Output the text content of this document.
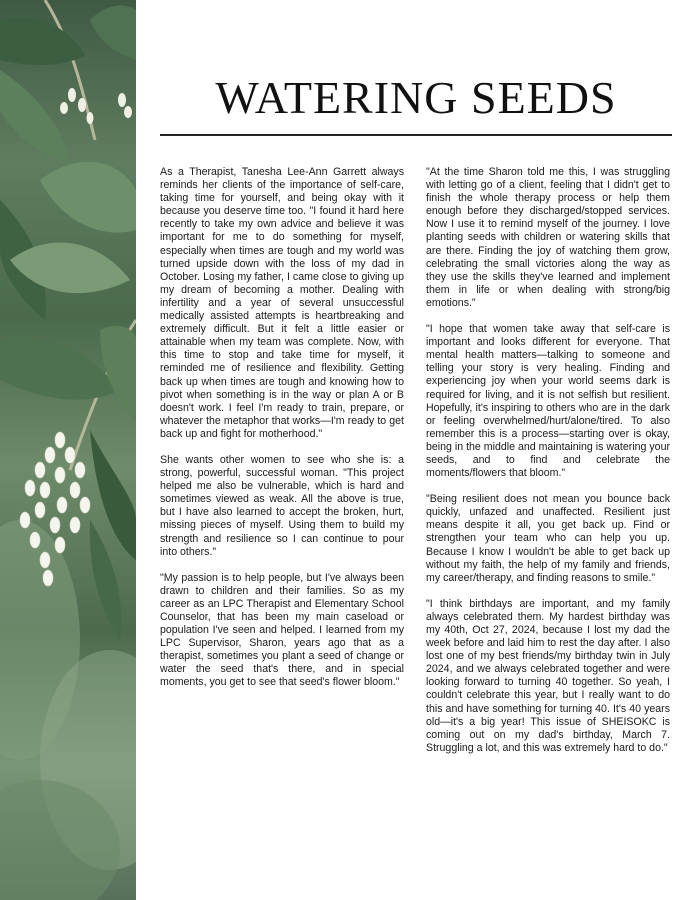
WATERING SEEDS

As a Therapist, Tanesha Lee-Ann Garrett always reminds her clients of the importance of self-care, taking time for yourself, and being okay with it because you deserve time too. "I found it hard here recently to take my own advice and believe it was important for me to do something for myself, especially when times are tough and my world was turned upside down with the loss of my dad in October. Losing my father, I came close to giving up my dream of becoming a mother. Dealing with infertility and a year of several unsuccessful medically assisted attempts is heartbreaking and extremely difficult. But it felt a little easier or attainable when my team was complete. Now, with this time to stop and take time for myself, it reminded me of resilience and flexibility. Getting back up when times are tough and knowing how to pivot when something is in the way or plan A or B doesn't work. I feel I'm ready to train, prepare, or whatever the metaphor that works—I'm ready to get back up and fight for motherhood."

She wants other women to see who she is: a strong, powerful, successful woman. "This project helped me also be vulnerable, which is hard and sometimes viewed as weak. All the above is true, but I have also learned to accept the broken, hurt, missing pieces of myself. Using them to build my strength and resilience so I can continue to pour into others."

"My passion is to help people, but I've always been drawn to children and their families. So as my career as an LPC Therapist and Elementary School Counselor, that has been my main caseload or population I've seen and helped. I learned from my LPC Supervisor, Sharon, years ago that as a therapist, sometimes you plant a seed of change or water the seed that's there, and in special moments, you get to see that seed's flower bloom."

"At the time Sharon told me this, I was struggling with letting go of a client, feeling that I didn't get to finish the whole therapy process or help them enough before they discharged/stopped services. Now I use it to remind myself of the journey. I love planting seeds with children or watering skills that are there. Finding the joy of watching them grow, celebrating the small victories along the way as they use the skills they've learned and implement them in life or when dealing with strong/big emotions."

"I hope that women take away that self-care is important and looks different for everyone. That mental health matters—talking to someone and telling your story is very healing. Finding and experiencing joy when your world seems dark is required for living, and it is not selfish but resilient. Hopefully, it's inspiring to others who are in the dark or feeling overwhelmed/hurt/alone/tired. To also remember this is a process—starting over is okay, being in the middle and maintaining is watering your seeds, and to find and celebrate the moments/flowers that bloom."

"Being resilient does not mean you bounce back quickly, unfazed and unaffected. Resilient just means despite it all, you get back up. Find or strengthen your team who can help you up. Because I know I wouldn't be able to get back up without my faith, the help of my family and friends, my career/therapy, and finding reasons to smile."

"I think birthdays are important, and my family always celebrated them. My hardest birthday was my 40th, Oct 27, 2024, because I lost my dad the week before and laid him to rest the day after. I also lost one of my best friends/my birthday twin in July 2024, and we always celebrated together and were looking forward to turning 40 together. So yeah, I couldn't celebrate this year, but I really want to do this and have something for turning 40. It's 40 years old—it's a big year! This issue of SHEISOKC is coming out on my dad's birthday, March 7. Struggling a lot, and this was extremely hard to do."
